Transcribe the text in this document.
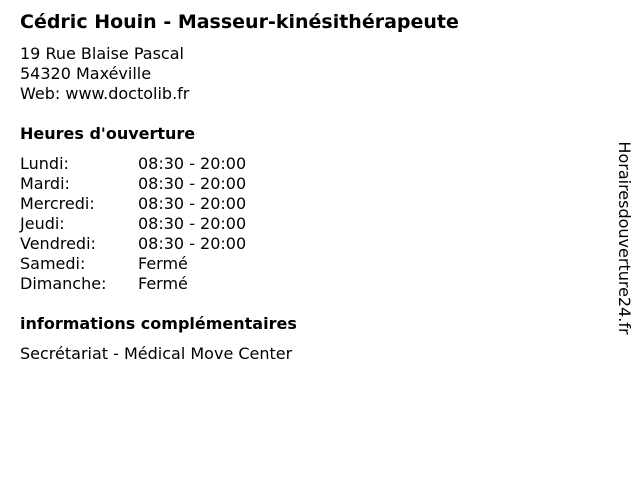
Cédric Houin - Masseur-kinésithérapeute
19 Rue Blaise Pascal
54320 Maxéville
Web: www.doctolib.fr
Heures d'ouverture
Lundi:	08:30 - 20:00
Mardi:	08:30 - 20:00
Mercredi:	08:30 - 20:00
Jeudi:	08:30 - 20:00
Vendredi:	08:30 - 20:00
Samedi:	Fermé
Dimanche: Fermé
informations complémentaires
Secrétariat - Médical Move Center
Horairesdouverture24.fr
